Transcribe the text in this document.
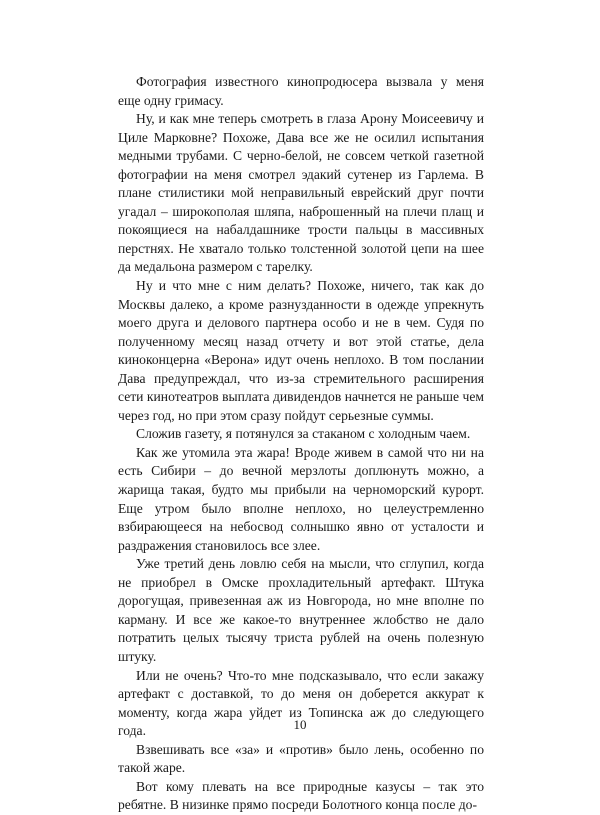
Фотография известного кинопродюсера вызвала у меня еще одну гримасу.

Ну, и как мне теперь смотреть в глаза Арону Моисеевичу и Циле Марковне? Похоже, Дава все же не осилил испытания медными трубами. С черно-белой, не совсем четкой газетной фотографии на меня смотрел эдакий сутенер из Гарлема. В плане стилистики мой неправильный еврейский друг почти угадал – широкополая шляпа, наброшенный на плечи плащ и покоящиеся на набалдашнике трости пальцы в массивных перстнях. Не хватало только толстенной золотой цепи на шее да медальона размером с тарелку.

Ну и что мне с ним делать? Похоже, ничего, так как до Москвы далеко, а кроме разнузданности в одежде упрекнуть моего друга и делового партнера особо и не в чем. Судя по полученному месяц назад отчету и вот этой статье, дела киноконцерна «Верона» идут очень неплохо. В том послании Дава предупреждал, что из-за стремительного расширения сети кинотеатров выплата дивидендов начнется не раньше чем через год, но при этом сразу пойдут серьезные суммы.

Сложив газету, я потянулся за стаканом с холодным чаем.

Как же утомила эта жара! Вроде живем в самой что ни на есть Сибири – до вечной мерзлоты доплюнуть можно, а жарища такая, будто мы прибыли на черноморский курорт. Еще утром было вполне неплохо, но целеустремленно взбирающееся на небосвод солнышко явно от усталости и раздражения становилось все злее.

Уже третий день ловлю себя на мысли, что сглупил, когда не приобрел в Омске прохладительный артефакт. Штука дорогущая, привезенная аж из Новгорода, но мне вполне по карману. И все же какое-то внутреннее жлобство не дало потратить целых тысячу триста рублей на очень полезную штуку.

Или не очень? Что-то мне подсказывало, что если закажу артефакт с доставкой, то до меня он доберется аккурат к моменту, когда жара уйдет из Топинска аж до следующего года.

Взвешивать все «за» и «против» было лень, особенно по такой жаре.

Вот кому плевать на все природные казусы – так это ребятне. В низинке прямо посреди Болотного конца после до-

10
